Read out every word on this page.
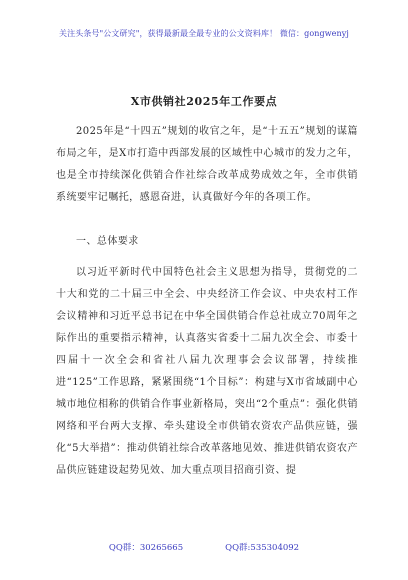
关注头条号"公文研究"，获得最新最全最专业的公文资料库！ 微信：gongwenyj
X市供销社2025年工作要点

2025年是“十四五”规划的收官之年，是“十五五”规划的谋篇布局之年，是X市打造中西部发展的区域性中心城市的发力之年，也是全市持续深化供销合作社综合改革成势成效之年，全市供销系统要牢记嘱托，感恩奋进，认真做好今年的各项工作。

一、总体要求

以习近平新时代中国特色社会主义思想为指导，贯彻党的二十大和党的二十届三中全会、中央经济工作会议、中央农村工作会议精神和习近平总书记在中华全国供销合作总社成立70周年之际作出的重要指示精神，认真落实省委十二届九次全会、市委十四届十一次全会和省社八届九次理事会会议部署，持续推进“125”工作思路，紧紧围绕“1个目标”：构建与X市省域副中心城市地位相称的供销合作事业新格局，突出“2个重点”：强化供销网络和平台两大支撑、牵头建设全市供销农资农产品供应链，强化“5大举措”：推动供销社综合改革落地见效、推进供销农资农产品供应链建设起势见效、加大重点项目招商引资、提

QQ群：30265665	QQ群:535304092
